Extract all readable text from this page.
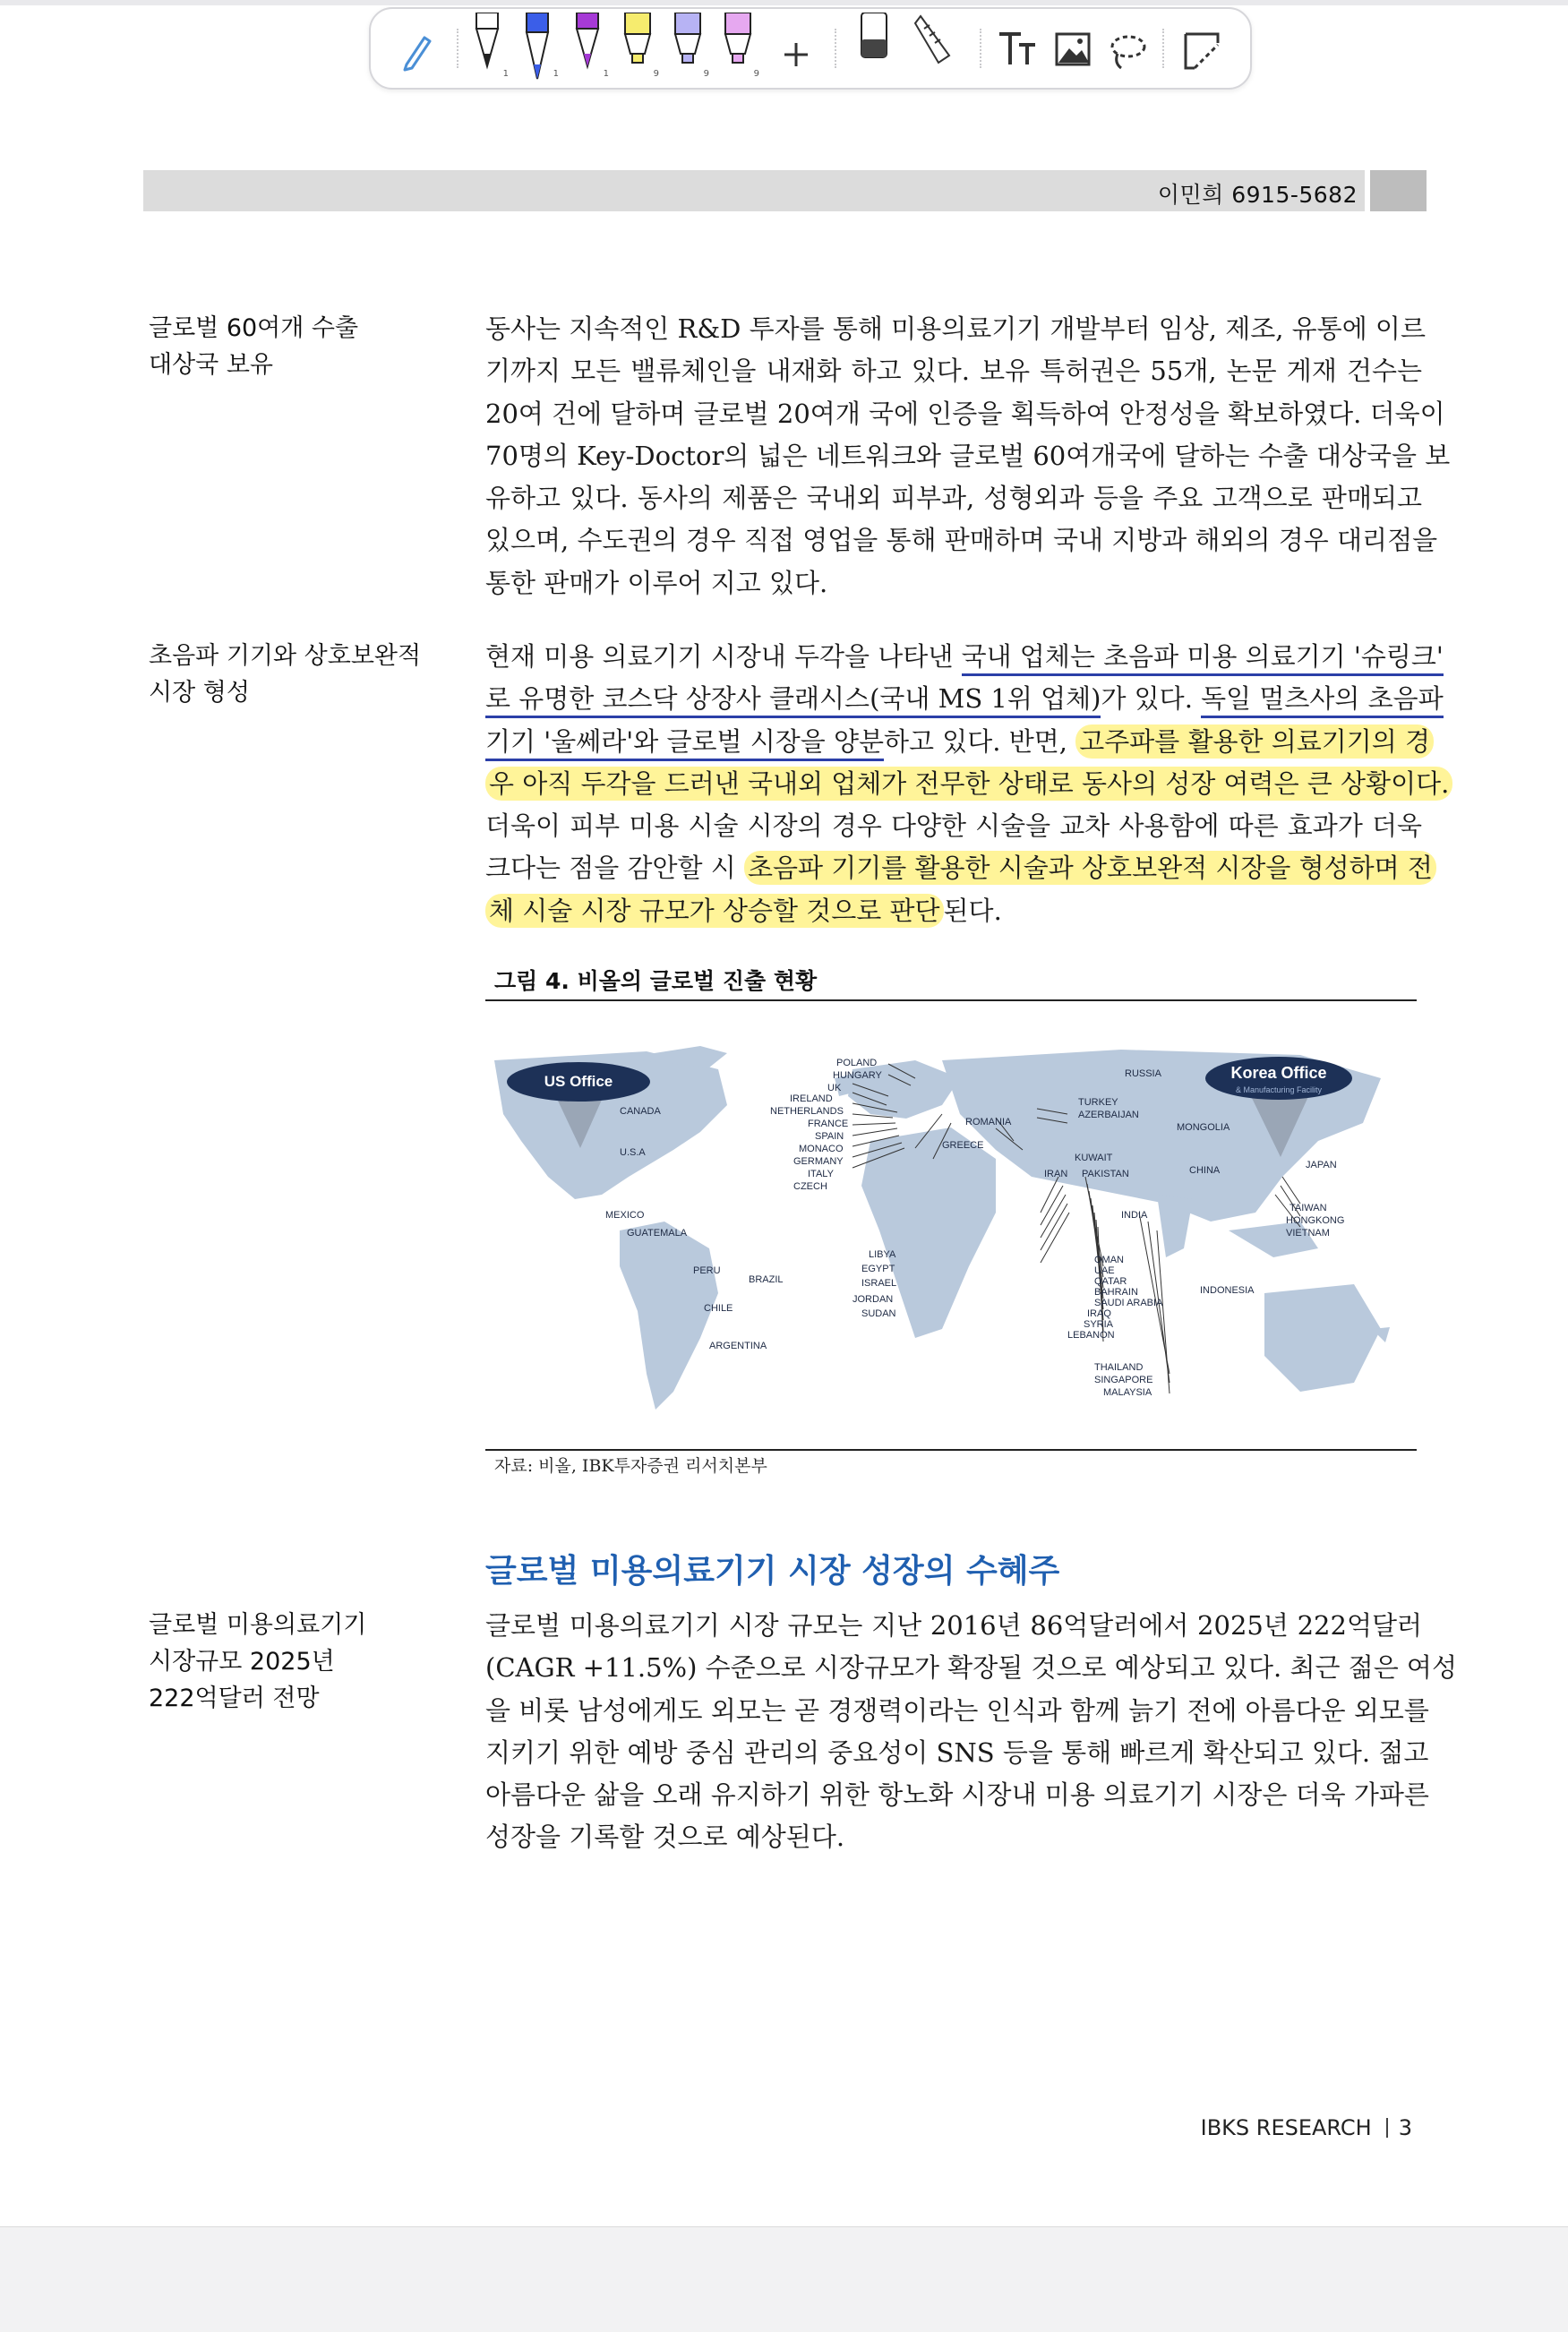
1	1	1	9	9	9
이민희 6915-5682
글로벌 60여개 수출
대상국 보유
동사는 지속적인 R&D 투자를 통해 미용의료기기 개발부터 임상, 제조, 유통에 이르
기까지 모든 밸류체인을 내재화 하고 있다. 보유 특허권은 55개, 논문 게재 건수는
20여 건에 달하며 글로벌 20여개 국에 인증을 획득하여 안정성을 확보하였다. 더욱이
70명의 Key-Doctor의 넓은 네트워크와 글로벌 60여개국에 달하는 수출 대상국을 보
유하고 있다. 동사의 제품은 국내외 피부과, 성형외과 등을 주요 고객으로 판매되고
있으며, 수도권의 경우 직접 영업을 통해 판매하며 국내 지방과 해외의 경우 대리점을
통한 판매가 이루어 지고 있다.
초음파 기기와 상호보완적
시장 형성
현재 미용 의료기기 시장내 두각을 나타낸 국내 업체는 초음파 미용 의료기기 '슈링크'
로 유명한 코스닥 상장사 클래시스(국내 MS 1위 업체)가 있다. 독일 멀츠사의 초음파
기기 '울쎄라'와 글로벌 시장을 양분하고 있다. 반면, 고주파를 활용한 의료기기의 경
우 아직 두각을 드러낸 국내외 업체가 전무한 상태로 동사의 성장 여력은 큰 상황이다.
더욱이 피부 미용 시술 시장의 경우 다양한 시술을 교차 사용함에 따른 효과가 더욱
크다는 점을 감안할 시 초음파 기기를 활용한 시술과 상호보완적 시장을 형성하며 전
체 시술 시장 규모가 상승할 것으로 판단 된다.
그림 4. 비올의 글로벌 진출 현황
US Office	Korea Office
& Manufacturing Facility
CANADA
U.S.A
MEXICO
GUATEMALA
PERU
BRAZIL
CHILE
ARGENTINA
POLAND
HUNGARY
UK
IRELAND
NETHERLANDS
FRANCE
SPAIN
MONACO
GERMANY
ITALY
CZECH
ROMANIA
GREECE
LIBYA
EGYPT
ISRAEL
JORDAN
SUDAN
RUSSIA
TURKEY
AZERBAIJAN
KUWAIT
IRAN PAKISTAN
INDIA
MONGOLIA
CHINA	JAPAN
TAIWAN
HONGKONG
VIETNAM
INDONESIA
OMAN
UAE
QATAR
BAHRAIN
SAUDI ARABIA
IRAQ
SYRIA
LEBANON
THAILAND
SINGAPORE
MALAYSIA
자료: 비올, IBK투자증권 리서치본부
글로벌 미용의료기기 시장 성장의 수혜주
글로벌 미용의료기기
시장규모 2025년
222억달러 전망
글로벌 미용의료기기 시장 규모는 지난 2016년 86억달러에서 2025년 222억달러
(CAGR +11.5%) 수준으로 시장규모가 확장될 것으로 예상되고 있다. 최근 젊은 여성
을 비롯 남성에게도 외모는 곧 경쟁력이라는 인식과 함께 늙기 전에 아름다운 외모를
지키기 위한 예방 중심 관리의 중요성이 SNS 등을 통해 빠르게 확산되고 있다. 젊고
아름다운 삶을 오래 유지하기 위한 항노화 시장내 미용 의료기기 시장은 더욱 가파른
성장을 기록할 것으로 예상된다.
IBKS RESEARCH 3
